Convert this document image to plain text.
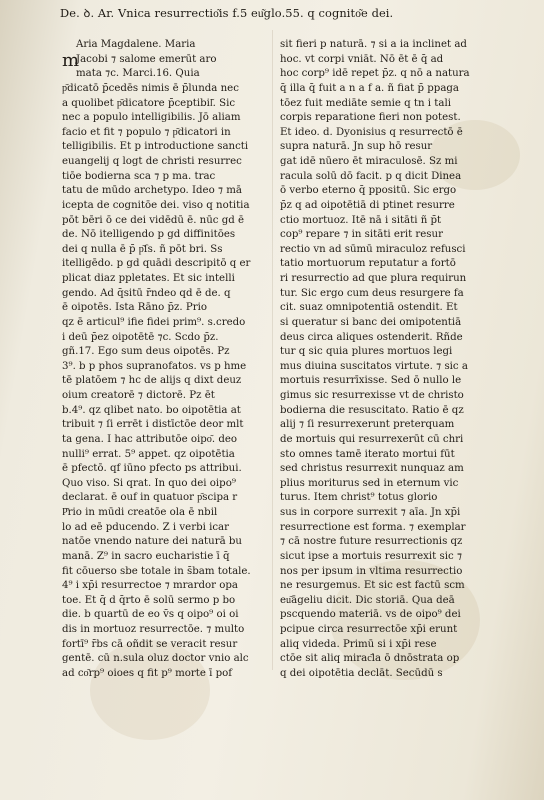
De. ꝺ. Ar. Vnica resurrectio͂is f.5 eu͂glo.55. q cognito͂e dei.
Aria Magdalene. Maria
Jacobi ⁊ salome emerūt aro
mata ⁊c. Marci.16. Quia
p͂dicatō p̄cedēs nimis ē p̄lunda nec
a quolibet p͂dicatore p̄ceptibil͂. Sic
nec a populo intelligibilis. Jō aliam
facio et fit ⁊ populo ⁊ p͂dicatori in
telligibilis. Et p introductione sancti
euangelij q logt de christi resurrec
tiōe bodierna sca ⁊ p ma. trac
tatu de mūdo archetypo. Ideo ⁊ mā
icepta de cognitōe dei. viso q notitia
pōt bēri ō ce dei vidēdū ē. nūc gd ē
de. Nō itelligendo p gd diffinitōes
dei q nulla ē p̄ p͂ſs. ñ pōt bri. Ss
itelligēdo. p gd quādi descripitō q er
plicat diaz ppletates. Et sic intelli
gendo. Ad q̄sitū r̄ndeo qd ē de. q
ē oipotēs. Ista Rāno p̄z. Prio
qz ē articul⁹ ifie fidei prim⁹. s.credo
i deū p̄ez oipotētē ⁊c. Scdo p̄z.
gñ.17. Ego sum deus oipotēs. Pz
3⁹. b p phos supranofatos. vs p hme
tē platōem ⁊ hc de alijs q dixt deuz
oium creatorē ⁊ dictorē. Pz ēt
b.4⁹. qz qlibet nato. bo oipotētia at
tribuit ⁊ ſi errēt i distīctōe deor mlt
ta gena. I hac attributōe oipo͂. deo
nulli⁹ errat. 5⁹ appet. qz oipotētia
ē pfectō. qf iūno pfecto ps attribui.
Quo viso. Si qrat. In quo dei oipo⁹
declarat. ē ouf in quatuor p͂scipa r
P͂rio in mūdi creatōe ola ē nbil
lo ad eē pducendo. Z i verbi icar
natōe vnendo nature dei naturā bu
manā. Z⁹ in sacro eucharistie ī q̄
fit cōuerso sbe totale in s̄bam totale.
4⁹ i xp̄i resurrectoe ⁊ mrardor opa
toe. Et q̄ d q̄rto ē solū sermo p bo
die. b quartū de eo v̄s q oipo⁹ oi oi
dis in mortuoz resurrectōe. ⁊ multo
fortī⁹ r̄bs cā oñdit se veracit resur
gentē. cū n.sula oluz doctor vnio alc
ad co͂rp⁹ oioes q fit p⁹ morte ī pof
sit fieri p naturā. ⁊ si a ia inclinet ad
hoc. vt corpi vniāt. Nō ēt ē q̄ ad
hoc corp⁹ idē repet p̄z. q nō a natura
q̄ illa q̄ fuit a n a f a. ñ fiat p̄ ppaga
tōez fuit mediāte semie q tn i tali
corpis reparatione fieri non potest.
Et ideo. d. Dyonisius q resurrectō ē
supra naturā. Jn sup hō resur
gat idē nūero ēt miraculosē. Sz mi
racula solū dō facit. p q dicit Dinea
ō verbo eterno q̄ ppositū. Sic ergo
p̄z q ad oipotētiā d̄i ptinet resurre
ctio mortuoz. Itē nā i sitāti ñ p̄t
cop⁹ repare ⁊ in sitāti erit resur
rectio vn ad sūmū miraculoz refusci
tatio mortuorum reputatur a fortō
ri resurrectio ad que plura requirun
tur. Sic ergo cum deus resurgere fa
cit. suaz omnipotentiā ostendit. Et
si queratur si banc dei omipotentiā
deus circa aliques ostenderit. Rñde
tur q sic quia plures mortuos legi
mus diuina suscitatos virtute. ⁊ sic a
mortuis resurrīxisse. Sed ō nullo le
gimus sic resurrexisse vt de christo
bodierna die resuscitato. Ratio ē qz
alij ⁊ ſi resurrexerunt preterquam
de mortuis qui resurrexerūt cū chri
sto omnes tamē iterato mortui fūt
sed christus resurrexit nunquaz am
plius moriturus sed in eternum vic
turus. Item christ⁹ totus glorio
sus in corpore surrexit ⁊ aīa. Jn xp̄i
resurrectione est forma. ⁊ exemplar
⁊ cā nostre future resurrectionis qz
sicut ipse a mortuis resurrexit sic ⁊
nos per ipsum in vltima resurrectio
ne resurgemus. Et sic est factū scm
eu͂āgeliu dicit. Dic storiā. Qua deā
pscquendo materiā. vs de oipo⁹ dei
pcipue circa resurrectōe xp̄i erunt
aliq videda. Primū si i xp̄i rese
ctōe sit aliq mirac͂la ō dnōstrata op
q dei oipotētia declāt. Secūdū s
m
